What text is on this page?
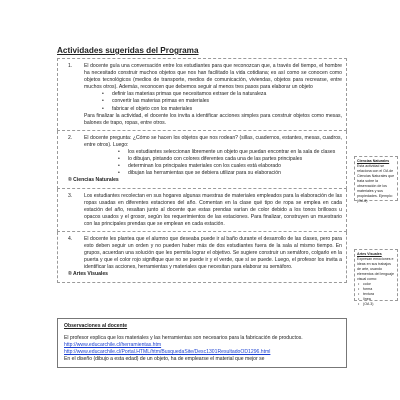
Actividades sugeridas del Programa
1.	El docente guía una conversación entre los estudiantes para que reconozcan que, a través del tiempo, el hombre ha necesitado construir muchos objetos que nos han facilitado la vida cotidiana; es así como se conocen como objetos tecnológicos (medios de transporte, medios de comunicación, viviendas, objetos para recrearse, entre muchos otros). Además, reconocen que debemos seguir al menos tres pasos para elaborar un objeto
• definir las materias primas que necesitamos extraer de la naturaleza
• convertir las materias primas en materiales
• fabricar el objeto con los materiales
Para finalizar la actividad, el docente los invita a identificar acciones simples para construir objetos como mesas, balones de trapo, ropas, entre otros.
2.	El docente pregunta: ¿Cómo se hacen los objetos que nos rodean? (sillas, cuadernos, estantes, mesas, cuadros, entre otros). Luego:
• los estudiantes seleccionan libremente un objeto que puedan encontrar en la sala de clases
• lo dibujan, pintando con colores diferentes cada una de las partes principales
• determinan los principales materiales con los cuales está elaborado
• dibujan las herramientas que se debiera utilizar para su elaboración
® Ciencias Naturales
3.	Los estudiantes recolectan en sus hogares algunas muestras de materiales empleados para la elaboración de las ropas usadas en diferentes estaciones del año. Comentan en la clase qué tipo de ropa se emplea en cada estación del año, resaltan junto al docente que estas prendas varían de color debido a los tonos brillosos u opacos usados y el grosor, según los requerimientos de las estaciones. Para finalizar, construyen un muestrario con las principales prendas que se emplean en cada estación.
4.	El docente les plantea que el alumno que deseaba puede ir al baño durante el desarrollo de las clases, pero para esto deben seguir un orden y no pueden haber más de dos estudiantes fuera de la sala al mismo tiempo. En grupos, acuerdan una solución que les permita lograr el objetivo. Se sugiere construir un semáforo, colgarlo en la puerta y que el color rojo signifique que no se puede ir y el verde, que sí se puede. Luego, el profesor los invita a identificar las acciones, herramientas y materiales que necesitan para elaborar su semáforo.
® Artes Visuales
Ciencias Naturales
Esta actividad se relaciona con el OA de Ciencias Naturales que trata sobre la observación de los materiales y sus propiedades. Ejemplo: (OA 8)
Artes Visuales
Expresan emociones e ideas en sus trabajos de arte, usando elementos del lenguaje visual como:
• color
• forma
• textura
• línea
• (OA 3)
Observaciones al docente

El profesor explica que los materiales y las herramientas son necesarios para la fabricación de productos.

http://www.educarchile.cl/herramientas.htm

http://www.educarchile.cl/Portal.HTML/htm/BusquedaSite/Desc1301ResultadoOD1296.html

En el diseño (dibujo a esta edad) de un objeto, ha de emplearse el material que mejor se
